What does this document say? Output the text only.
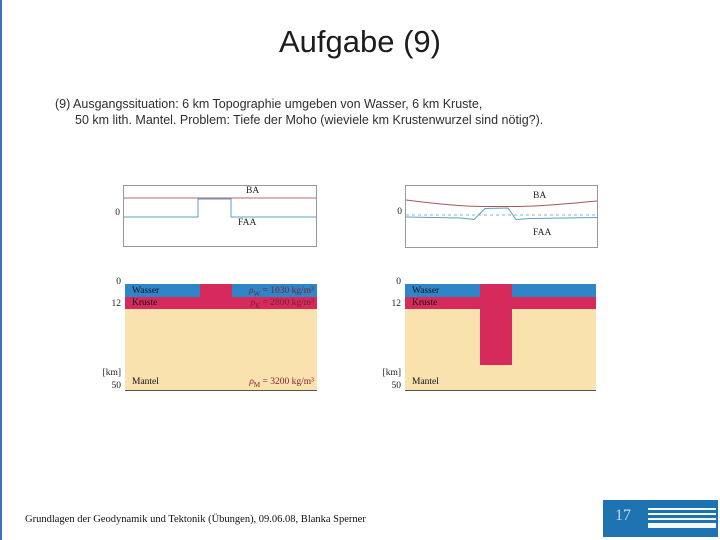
Aufgabe (9)
(9) Ausgangssituation: 6 km Topographie umgeben von Wasser, 6 km Kruste,
50 km lith. Mantel. Problem: Tiefe der Moho (wieviele km Krustenwurzel sind nötig?).
0
BA
FAA
0
BA
FAA
0
12
[km]
50
Wasser
Kruste
Mantel
$\rho_W = 1030$ kg/m³
$\rho_K = 2800$ kg/m³
$\rho_M = 3200$ kg/m³
0
12
[km]
50
Wasser
Kruste
Mantel
Grundlagen der Geodynamik und Tektonik (Übungen), 09.06.08, Blanka Sperner	17
